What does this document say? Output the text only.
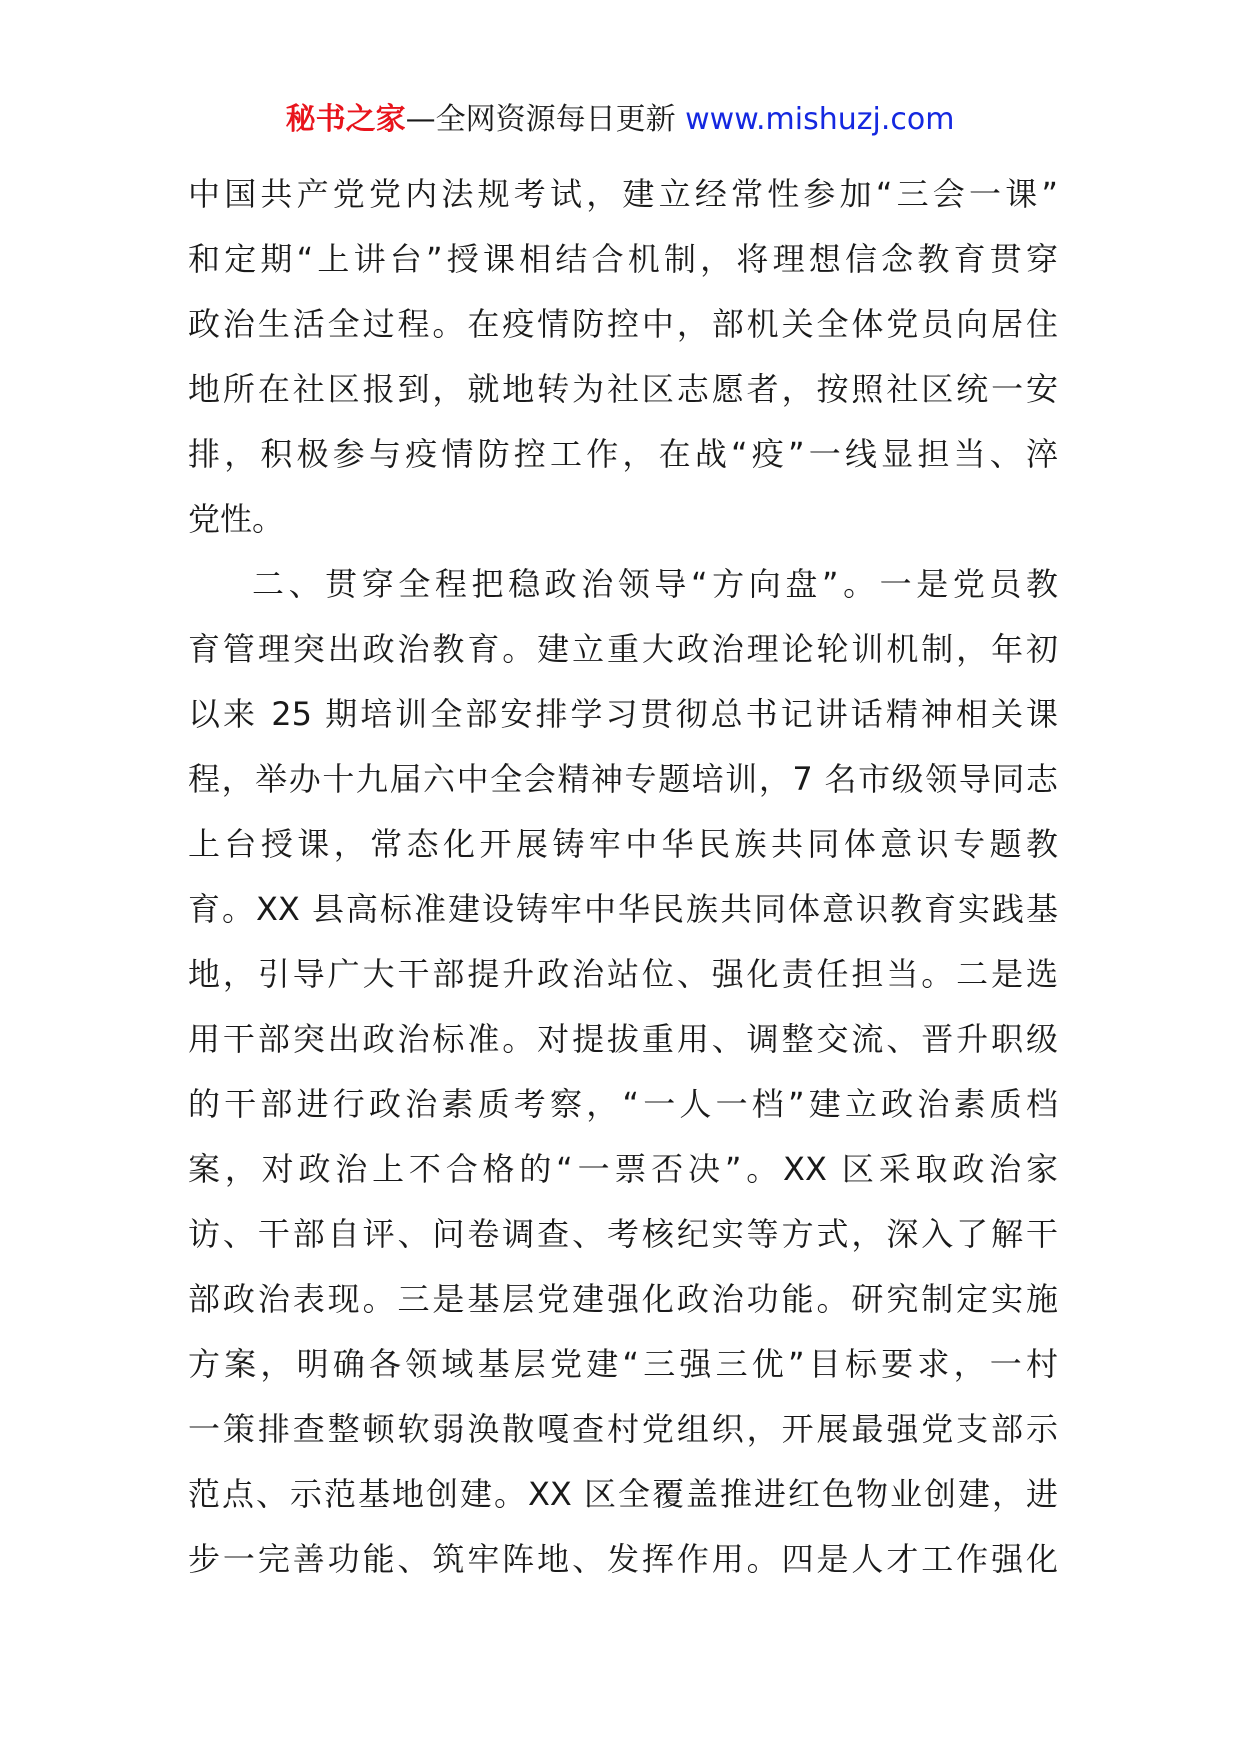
秘书之家—全网资源每日更新 www.mishuzj.com
中国共产党党内法规考试，建立经常性参加“三会一课”
和定期“上讲台”授课相结合机制，将理想信念教育贯穿
政治生活全过程。在疫情防控中，部机关全体党员向居住
地所在社区报到，就地转为社区志愿者，按照社区统一安
排，积极参与疫情防控工作，在战“疫”一线显担当、淬
党性。
二、贯穿全程把稳政治领导“方向盘”。一是党员教
育管理突出政治教育。建立重大政治理论轮训机制，年初
以来 25 期培训全部安排学习贯彻总书记讲话精神相关课
程，举办十九届六中全会精神专题培训，7 名市级领导同志
上台授课，常态化开展铸牢中华民族共同体意识专题教
育。XX 县高标准建设铸牢中华民族共同体意识教育实践基
地，引导广大干部提升政治站位、强化责任担当。二是选
用干部突出政治标准。对提拔重用、调整交流、晋升职级
的干部进行政治素质考察，“一人一档”建立政治素质档
案，对政治上不合格的“一票否决”。XX 区采取政治家
访、干部自评、问卷调查、考核纪实等方式，深入了解干
部政治表现。三是基层党建强化政治功能。研究制定实施
方案，明确各领域基层党建“三强三优”目标要求，一村
一策排查整顿软弱涣散嘎查村党组织，开展最强党支部示
范点、示范基地创建。XX 区全覆盖推进红色物业创建，进
步一完善功能、筑牢阵地、发挥作用。四是人才工作强化
